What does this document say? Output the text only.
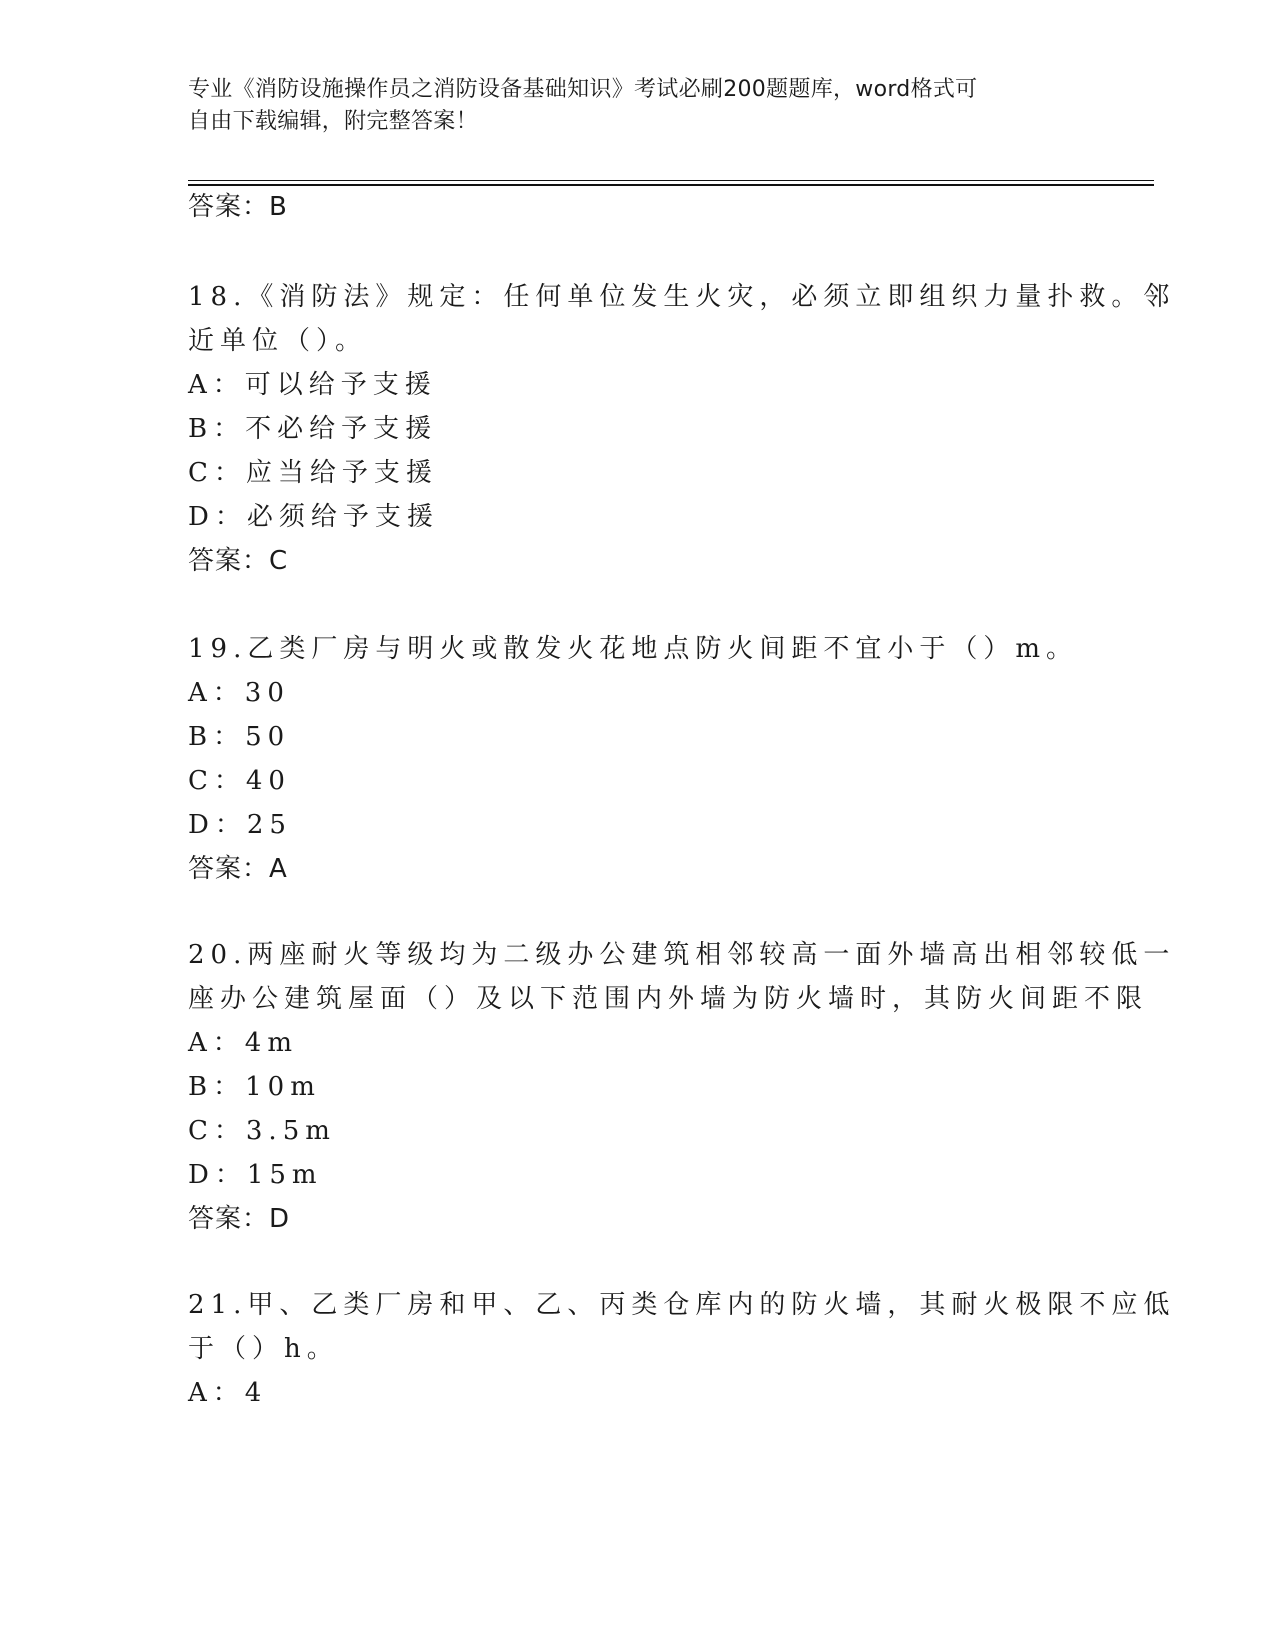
专业《消防设施操作员之消防设备基础知识》考试必刷200题题库，word格式可
自由下载编辑，附完整答案！
答案：B
18.《消防法》规定：任何单位发生火灾，必须立即组织力量扑救。邻
近单位（）。
A：可以给予支援
B：不必给予支援
C：应当给予支援
D：必须给予支援
答案：C
19.乙类厂房与明火或散发火花地点防火间距不宜小于（）m。
A：30
B：50
C：40
D：25
答案：A
20.两座耐火等级均为二级办公建筑相邻较高一面外墙高出相邻较低一
座办公建筑屋面（）及以下范围内外墙为防火墙时，其防火间距不限
A：4m
B：10m
C：3.5m
D：15m
答案：D
21.甲、乙类厂房和甲、乙、丙类仓库内的防火墙，其耐火极限不应低
于（）h。
A：4
